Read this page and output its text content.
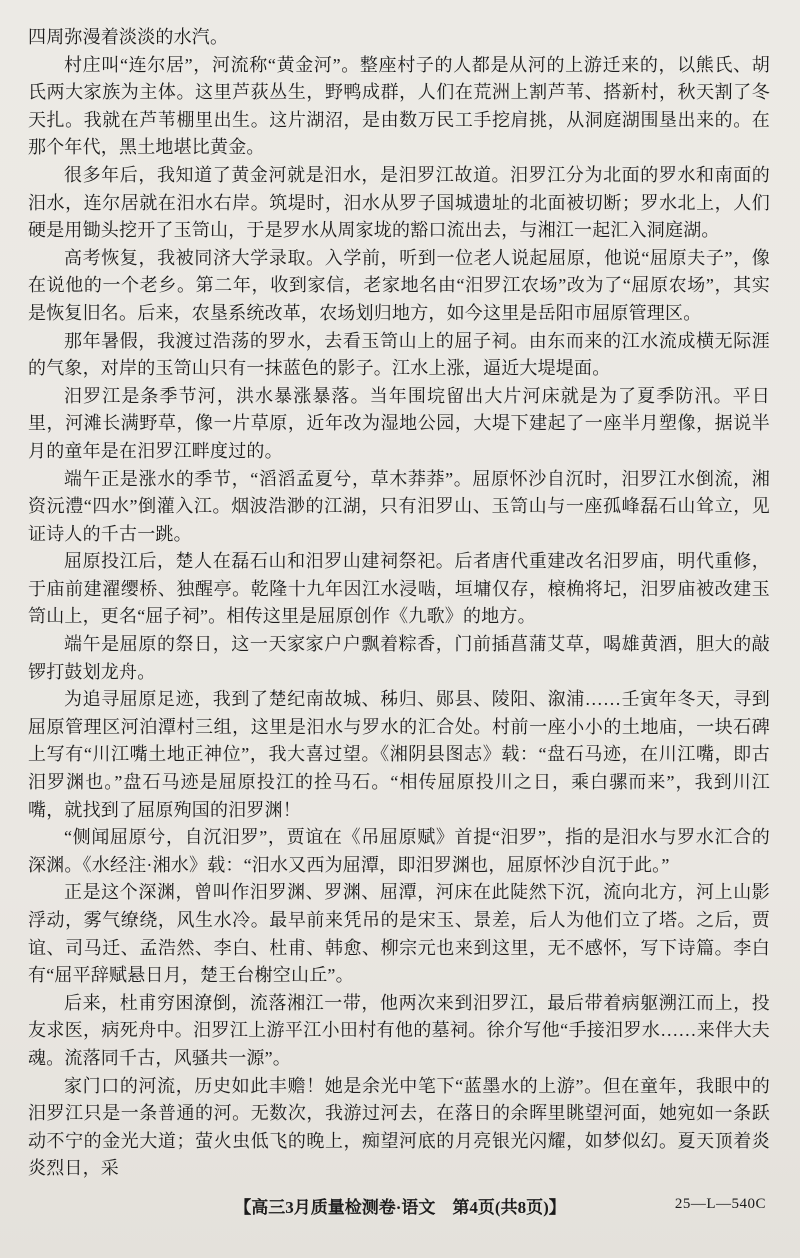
四周弥漫着淡淡的水汽。

村庄叫“连尔居”，河流称“黄金河”。整座村子的人都是从河的上游迁来的，以熊氏、胡氏两大家族为主体。这里芦荻丛生，野鸭成群，人们在荒洲上割芦苇、搭新村，秋天割了冬天扎。我就在芦苇棚里出生。这片湖沼，是由数万民工手挖肩挑，从洞庭湖围垦出来的。在那个年代，黑土地堪比黄金。

很多年后，我知道了黄金河就是汨水，是汨罗江故道。汨罗江分为北面的罗水和南面的汨水，连尔居就在汨水右岸。筑堤时，汨水从罗子国城遗址的北面被切断；罗水北上，人们硬是用锄头挖开了玉笥山，于是罗水从周家垅的豁口流出去，与湘江一起汇入洞庭湖。

高考恢复，我被同济大学录取。入学前，听到一位老人说起屈原，他说“屈原夫子”，像在说他的一个老乡。第二年，收到家信，老家地名由“汨罗江农场”改为了“屈原农场”，其实是恢复旧名。后来，农垦系统改革，农场划归地方，如今这里是岳阳市屈原管理区。

那年暑假，我渡过浩荡的罗水，去看玉笥山上的屈子祠。由东而来的江水流成横无际涯的气象，对岸的玉笥山只有一抹蓝色的影子。江水上涨，逼近大堤堤面。

汨罗江是条季节河，洪水暴涨暴落。当年围垸留出大片河床就是为了夏季防汛。平日里，河滩长满野草，像一片草原，近年改为湿地公园，大堤下建起了一座半月塑像，据说半月的童年是在汨罗江畔度过的。

端午正是涨水的季节，“滔滔孟夏兮，草木莽莽”。屈原怀沙自沉时，汨罗江水倒流，湘资沅澧“四水”倒灌入江。烟波浩渺的江湖，只有汨罗山、玉笥山与一座孤峰磊石山耸立，见证诗人的千古一跳。

屈原投江后，楚人在磊石山和汨罗山建祠祭祀。后者唐代重建改名汨罗庙，明代重修，于庙前建濯缨桥、独醒亭。乾隆十九年因江水浸啮，垣墉仅存，榱桷将圮，汨罗庙被改建玉笥山上，更名“屈子祠”。相传这里是屈原创作《九歌》的地方。

端午是屈原的祭日，这一天家家户户飘着粽香，门前插菖蒲艾草，喝雄黄酒，胆大的敲锣打鼓划龙舟。

为追寻屈原足迹，我到了楚纪南故城、秭归、郧县、陵阳、溆浦……壬寅年冬天，寻到屈原管理区河泊潭村三组，这里是汨水与罗水的汇合处。村前一座小小的土地庙，一块石碑上写有“川江嘴土地正神位”，我大喜过望。《湘阴县图志》载：“盘石马迹，在川江嘴，即古汨罗渊也。”盘石马迹是屈原投江的拴马石。“相传屈原投川之日，乘白骡而来”，我到川江嘴，就找到了屈原殉国的汨罗渊！

“侧闻屈原兮，自沉汨罗”，贾谊在《吊屈原赋》首提“汨罗”，指的是汨水与罗水汇合的深渊。《水经注·湘水》载：“汨水又西为屈潭，即汨罗渊也，屈原怀沙自沉于此。”

正是这个深渊，曾叫作汨罗渊、罗渊、屈潭，河床在此陡然下沉，流向北方，河上山影浮动，雾气缭绕，风生水冷。最早前来凭吊的是宋玉、景差，后人为他们立了塔。之后，贾谊、司马迁、孟浩然、李白、杜甫、韩愈、柳宗元也来到这里，无不感怀，写下诗篇。李白有“屈平辞赋悬日月，楚王台榭空山丘”。

后来，杜甫穷困潦倒，流落湘江一带，他两次来到汨罗江，最后带着病躯溯江而上，投友求医，病死舟中。汨罗江上游平江小田村有他的墓祠。徐介写他“手接汨罗水……来伴大夫魂。流落同千古，风骚共一源”。

家门口的河流，历史如此丰赡！她是余光中笔下“蓝墨水的上游”。但在童年，我眼中的汨罗江只是一条普通的河。无数次，我游过河去，在落日的余晖里眺望河面，她宛如一条跃动不宁的金光大道；萤火虫低飞的晚上，痴望河底的月亮银光闪耀，如梦似幻。夏天顶着炎炎烈日，采

【高三3月质量检测卷·语文　第4页(共8页)】	25—L—540C
